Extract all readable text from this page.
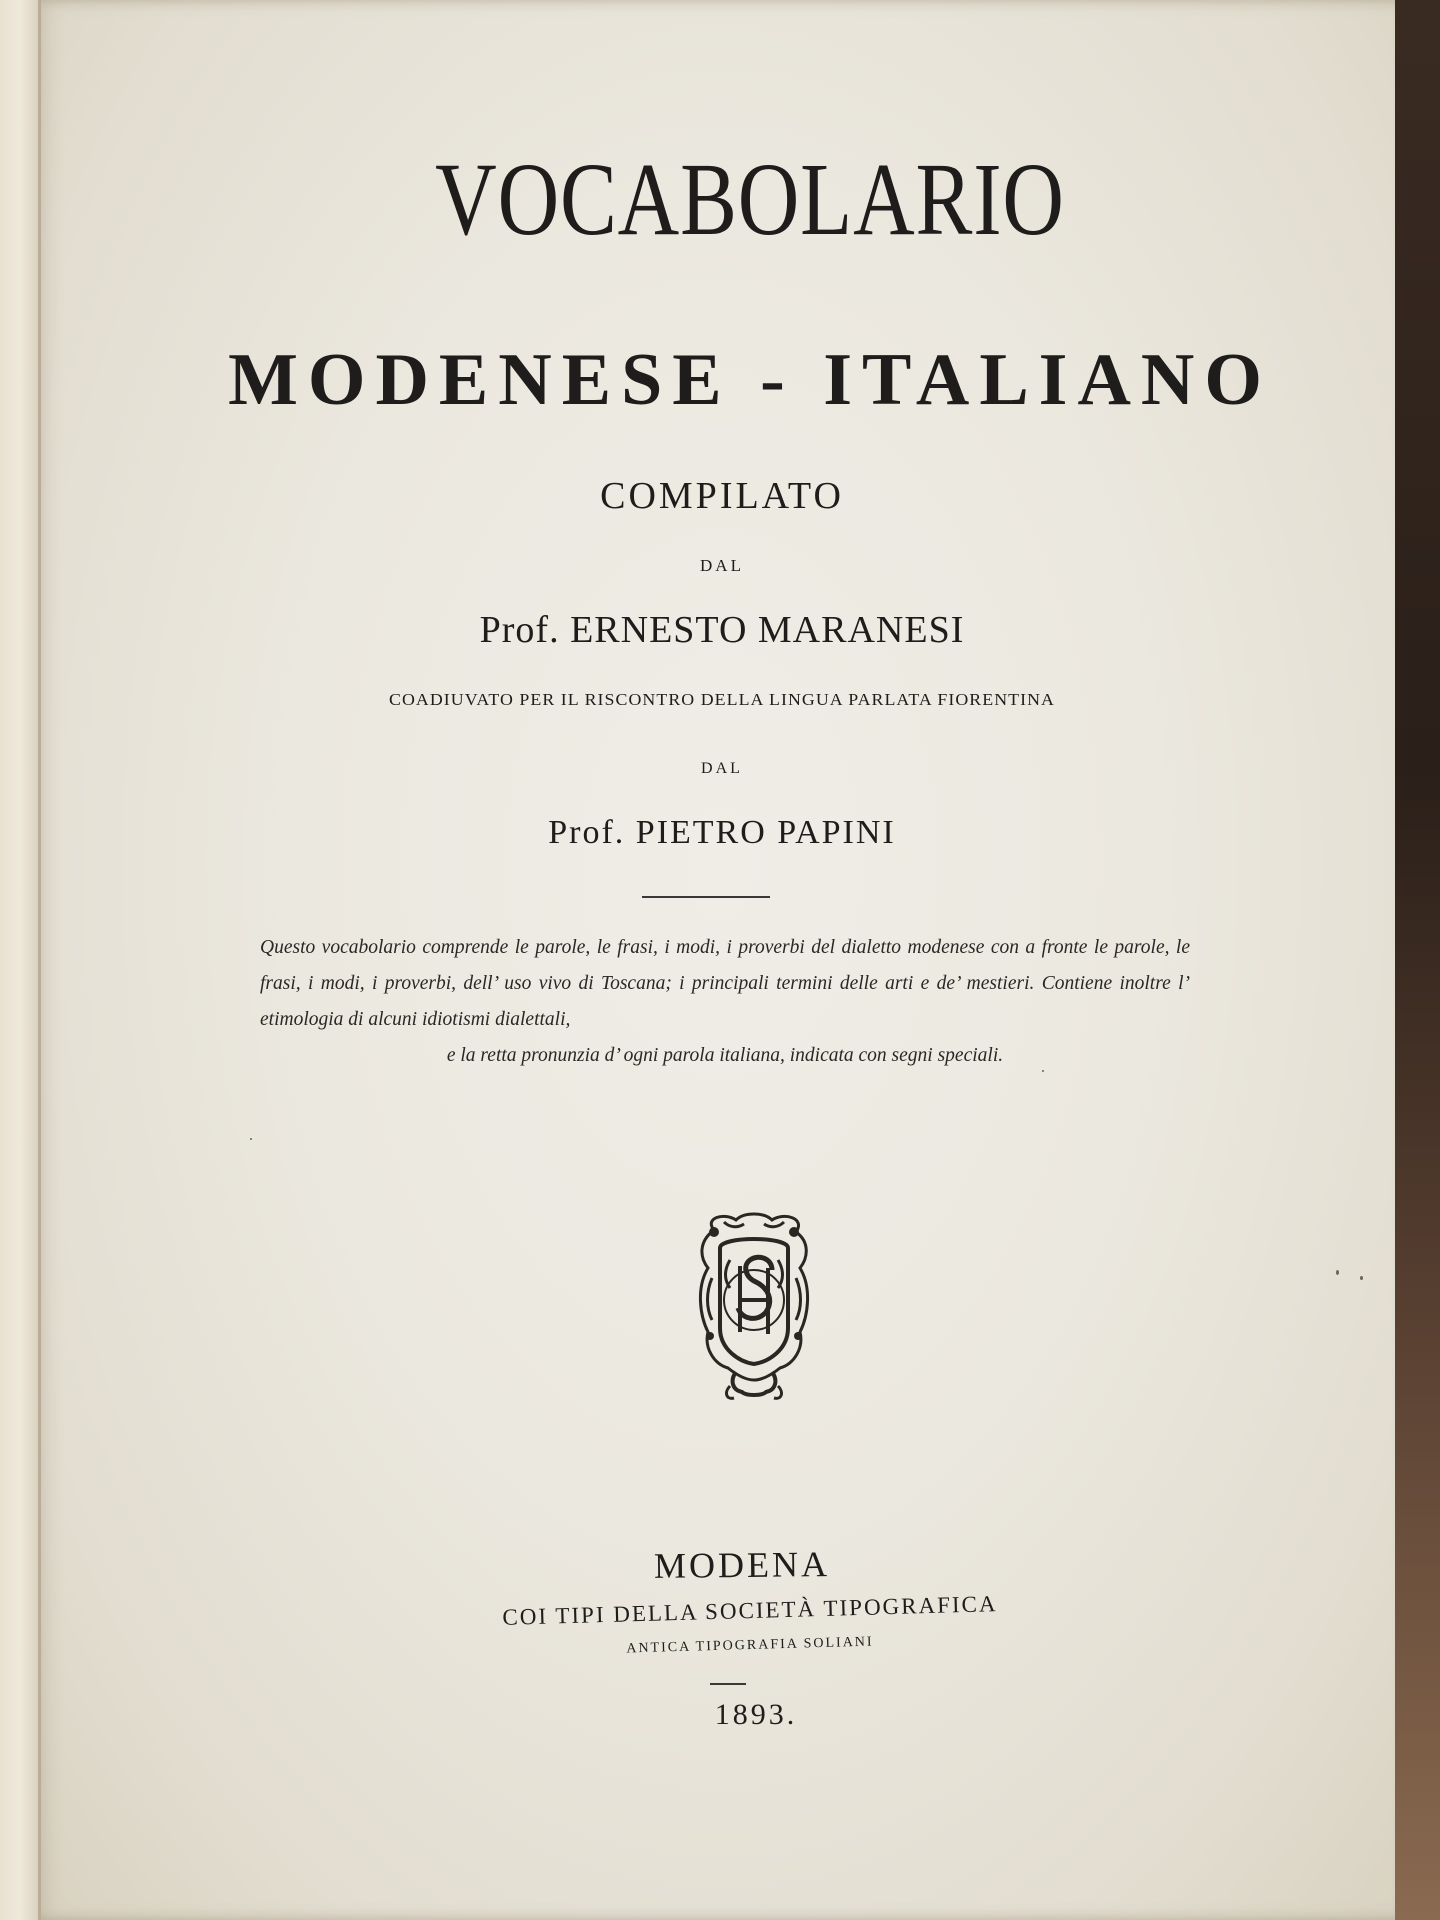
VOCABOLARIO
MODENESE - ITALIANO
COMPILATO
DAL
Prof. ERNESTO MARANESI
COADIUVATO PER IL RISCONTRO DELLA LINGUA PARLATA FIORENTINA
DAL
Prof. PIETRO PAPINI
Questo vocabolario comprende le parole, le frasi, i modi, i proverbi del dialetto modenese con a fronte le parole, le frasi, i modi, i proverbi, dell’ uso vivo di Toscana; i principali termini delle arti e de’ mestieri. Contiene inoltre l’ etimologia di alcuni idiotismi dialettali,
e la retta pronunzia d’ ogni parola italiana, indicata con segni speciali.
MODENA
COI TIPI DELLA SOCIETÀ TIPOGRAFICA
ANTICA TIPOGRAFIA SOLIANI
1893.
